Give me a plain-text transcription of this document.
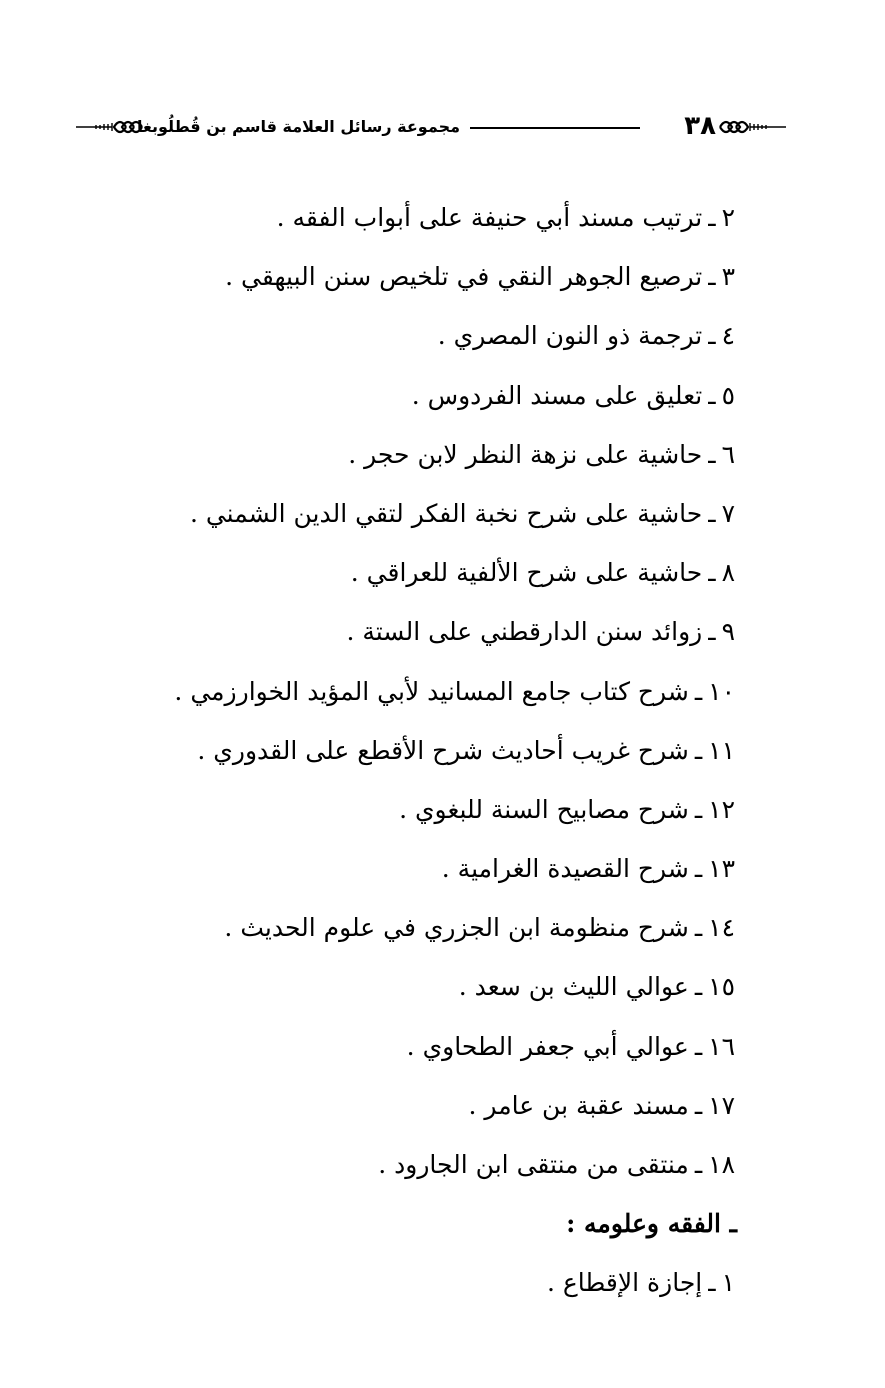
٣٨
مجموعة رسائل العلامة قاسم بن قُطلُوبغا
٢ـترتيب مسند أبي حنيفة على أبواب الفقه .
٣ـترصيع الجوهر النقي في تلخيص سنن البيهقي .
٤ـترجمة ذو النون المصري .
٥ـتعليق على مسند الفردوس .
٦ـحاشية على نزهة النظر لابن حجر .
٧ـحاشية على شرح نخبة الفكر لتقي الدين الشمني .
٨ـحاشية على شرح الألفية للعراقي .
٩ـزوائد سنن الدارقطني على الستة .
١٠ـشرح كتاب جامع المسانيد لأبي المؤيد الخوارزمي .
١١ـشرح غريب أحاديث شرح الأقطع على القدوري .
١٢ـشرح مصابيح السنة للبغوي .
١٣ـشرح القصيدة الغرامية .
١٤ـشرح منظومة ابن الجزري في علوم الحديث .
١٥ـعوالي الليث بن سعد .
١٦ـعوالي أبي جعفر الطحاوي .
١٧ـمسند عقبة بن عامر .
١٨ـمنتقى من منتقى ابن الجارود .
ـ الفقه وعلومه :
١ـإجازة الإقطاع .
